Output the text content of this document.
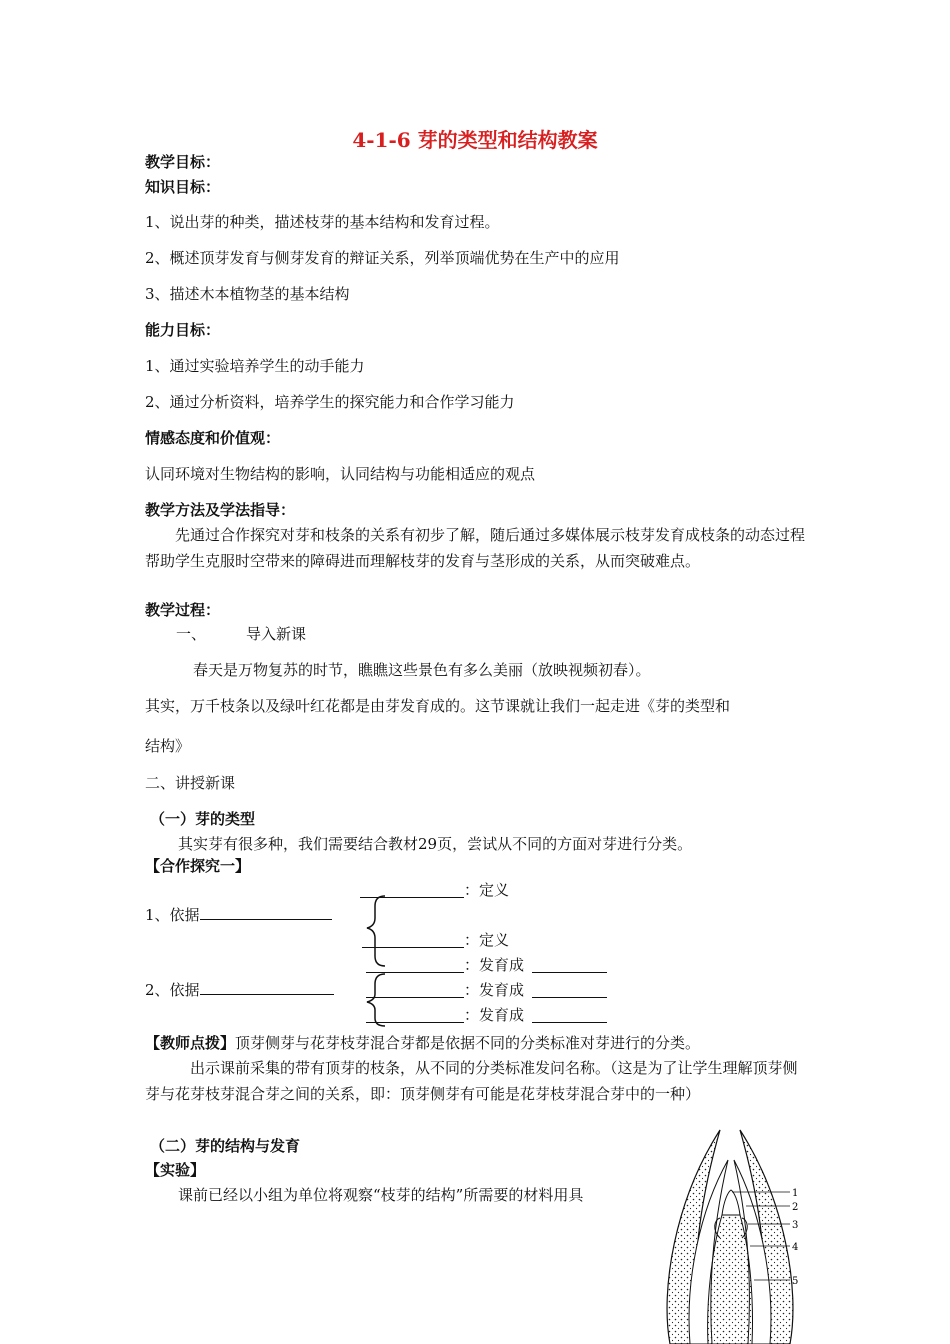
4-1-6 芽的类型和结构教案
教学目标：
知识目标：
1、说出芽的种类，描述枝芽的基本结构和发育过程。
2、概述顶芽发育与侧芽发育的辩证关系，列举顶端优势在生产中的应用
3、描述木本植物茎的基本结构
能力目标：
1、通过实验培养学生的动手能力
2、通过分析资料，培养学生的探究能力和合作学习能力
情感态度和价值观：
认同环境对生物结构的影响，认同结构与功能相适应的观点
教学方法及学法指导：
先通过合作探究对芽和枝条的关系有初步了解，随后通过多媒体展示枝芽发育成枝条的动态过程帮助学生克服时空带来的障碍进而理解枝芽的发育与茎形成的关系，从而突破难点。
教学过程：
一、	导入新课
春天是万物复苏的时节，瞧瞧这些景色有多么美丽（放映视频初春）。
其实，万千枝条以及绿叶红花都是由芽发育成的。这节课就让我们一起走进《芽的类型和
结构》
二、讲授新课
（一）芽的类型
其实芽有很多种，我们需要结合教材29页，尝试从不同的方面对芽进行分类。
【合作探究一】
1、依据
2、依据
：定义
：定义
：发育成
：发育成
：发育成
【教师点拨】顶芽侧芽与花芽枝芽混合芽都是依据不同的分类标准对芽进行的分类。
出示课前采集的带有顶芽的枝条，从不同的分类标准发问名称。（这是为了让学生理解顶芽侧芽与花芽枝芽混合芽之间的关系，即：顶芽侧芽有可能是花芽枝芽混合芽中的一种）
（二）芽的结构与发育
【实验】
课前已经以小组为单位将观察“枝芽的结构”所需要的材料用具	1
2
3
4
5
